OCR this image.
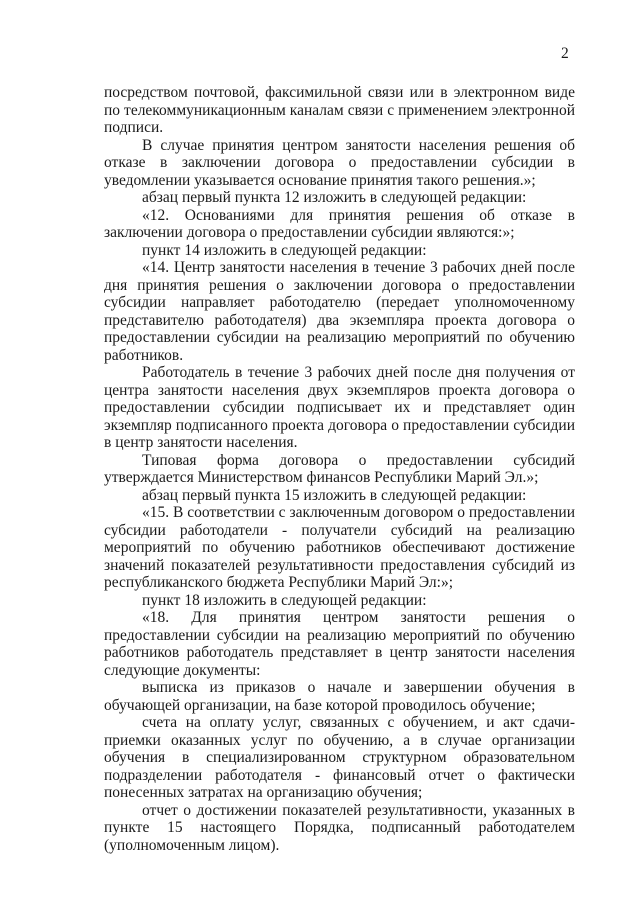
2

посредством почтовой, факсимильной связи или в электронном виде по телекоммуникационным каналам связи с применением электронной подписи.

В случае принятия центром занятости населения решения об отказе в заключении договора о предоставлении субсидии в уведомлении указывается основание принятия такого решения.»;

абзац первый пункта 12 изложить в следующей редакции:

«12. Основаниями для принятия решения об отказе в заключении договора о предоставлении субсидии являются:»;

пункт 14 изложить в следующей редакции:

«14. Центр занятости населения в течение 3 рабочих дней после дня принятия решения о заключении договора о предоставлении субсидии направляет работодателю (передает уполномоченному представителю работодателя) два экземпляра проекта договора о предоставлении субсидии на реализацию мероприятий по обучению работников.

Работодатель в течение 3 рабочих дней после дня получения от центра занятости населения двух экземпляров проекта договора о предоставлении субсидии подписывает их и представляет один экземпляр подписанного проекта договора о предоставлении субсидии в центр занятости населения.

Типовая форма договора о предоставлении субсидий утверждается Министерством финансов Республики Марий Эл.»;

абзац первый пункта 15 изложить в следующей редакции:

«15. В соответствии с заключенным договором о предоставлении субсидии работодатели - получатели субсидий на реализацию мероприятий по обучению работников обеспечивают достижение значений показателей результативности предоставления субсидий из республиканского бюджета Республики Марий Эл:»;

пункт 18 изложить в следующей редакции:

«18. Для принятия центром занятости решения о предоставлении субсидии на реализацию мероприятий по обучению работников работодатель представляет в центр занятости населения следующие документы:

выписка из приказов о начале и завершении обучения в обучающей организации, на базе которой проводилось обучение;

счета на оплату услуг, связанных с обучением, и акт сдачи-приемки оказанных услуг по обучению, а в случае организации обучения в специализированном структурном образовательном подразделении работодателя - финансовый отчет о фактически понесенных затратах на организацию обучения;

отчет о достижении показателей результативности, указанных в пункте 15 настоящего Порядка, подписанный работодателем (уполномоченным лицом).
